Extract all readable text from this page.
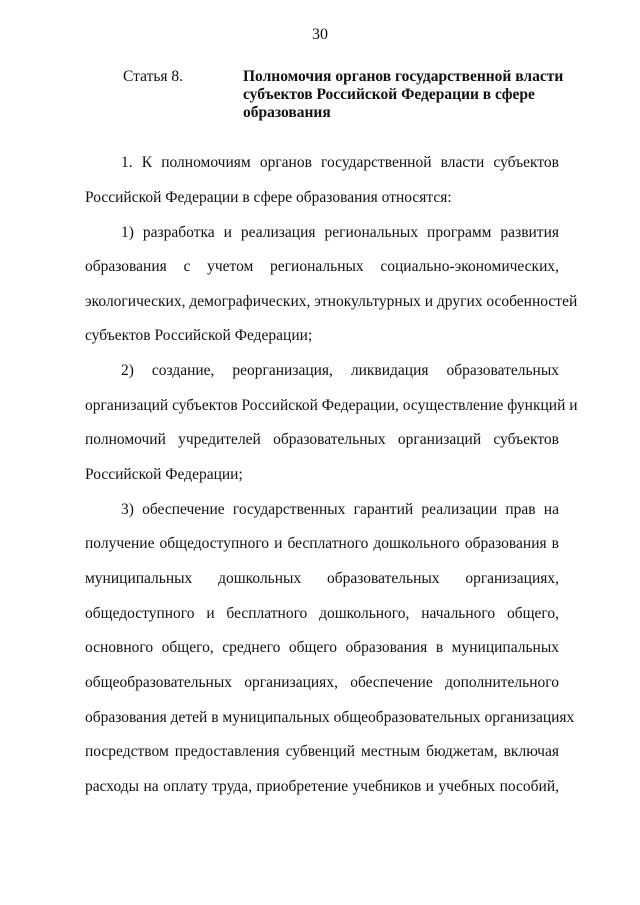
30
Статья 8.	Полномочия органов государственной власти
субъектов Российской Федерации в сфере
образования
1. К полномочиям органов государственной власти субъектов
Российской Федерации в сфере образования относятся:
1) разработка и реализация региональных программ развития
образования с учетом региональных социально-экономических,
экологических, демографических, этнокультурных и других особенностей
субъектов Российской Федерации;
2) создание, реорганизация, ликвидация образовательных
организаций субъектов Российской Федерации, осуществление функций и
полномочий учредителей образовательных организаций субъектов
Российской Федерации;
3) обеспечение государственных гарантий реализации прав на
получение общедоступного и бесплатного дошкольного образования в
муниципальных дошкольных образовательных организациях,
общедоступного и бесплатного дошкольного, начального общего,
основного общего, среднего общего образования в муниципальных
общеобразовательных организациях, обеспечение дополнительного
образования детей в муниципальных общеобразовательных организациях
посредством предоставления субвенций местным бюджетам, включая
расходы на оплату труда, приобретение учебников и учебных пособий,
